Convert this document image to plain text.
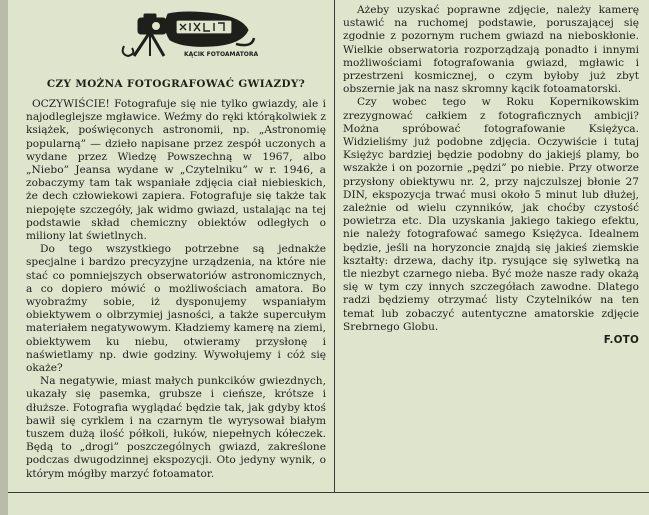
KĄCIK FOTOAMATORA
CZY MOŻNA FOTOGRAFOWAĆ GWIAZDY?

OCZYWIŚCIE! Fotografuje się nie tylko gwiazdy, ale i najodleglejsze mgławice. Weźmy do ręki którąkolwiek z książek, poświęconych astronomii, np. „Astronomię popularną” — dzieło napisane przez zespół uczonych a wydane przez Wiedzę Powszechną w 1967, albo „Niebo” Jeansa wydane w „Czytelniku” w r. 1946, a zobaczymy tam tak wspaniałe zdjęcia ciał niebieskich, że dech człowiekowi zapiera. Fotografuje się także tak niepojęte szczegóły, jak widmo gwiazd, ustalając na tej podstawie skład chemiczny obiektów odległych o miliony lat świetlnych.

Do tego wszystkiego potrzebne są jednakże specjalne i bardzo precyzyjne urządzenia, na które nie stać co pomniejszych obserwatoriów astronomicznych, a co dopiero mówić o możliwościach amatora. Bo wyobraźmy sobie, iż dysponujemy wspaniałym obiektywem o olbrzymiej jasności, a także supercułym materiałem negatywowym. Kładziemy kamerę na ziemi, obiektywem ku niebu, otwieramy przysłonę i naświetlamy np. dwie godziny. Wywołujemy i cóż się okaże?

Na negatywie, miast małych punkcików gwiezdnych, ukazały się pasemka, grubsze i cieńsze, krótsze i dłuższe. Fotografia wyglądać będzie tak, jak gdyby ktoś bawił się cyrklem i na czarnym tle wyrysował białym tuszem dużą ilość półkoli, łuków, niepełnych kółeczek. Będą to „drogi” poszczególnych gwiazd, zakreślone podczas dwugodzinnej ekspozycji. Oto jedyny wynik, o którym mógłby marzyć fotoamator.

Ażeby uzyskać poprawne zdjęcie, należy kamerę ustawić na ruchomej podstawie, poruszającej się zgodnie z pozornym ruchem gwiazd na nieboskłonie. Wielkie obserwatoria rozporządzają ponadto i innymi możliwościami fotografowania gwiazd, mgławic i przestrzeni kosmicznej, o czym byłoby już zbyt obszernie jak na nasz skromny kącik fotoamatorski.

Czy wobec tego w Roku Kopernikowskim zrezygnować całkiem z fotograficznych ambicji? Można spróbować fotografowanie Księżyca. Widzieliśmy już podobne zdjęcia. Oczywiście i tutaj Księżyc bardziej będzie podobny do jakiejś plamy, bo wszakże i on pozornie „pędzi” po niebie. Przy otworze przysłony obiektywu nr. 2, przy najczulszej błonie 27 DIN, ekspozycja trwać musi około 5 minut lub dłużej, zależnie od wielu czynników, jak choćby czystość powietrza etc. Dla uzyskania jakiego takiego efektu, nie należy fotografować samego Księżyca. Idealnem będzie, jeśli na horyzoncie znajdą się jakieś ziemskie kształty: drzewa, dachy itp. rysujące się sylwetką na tle niezbyt czarnego nieba. Być może nasze rady okażą się w tym czy innych szczegółach zawodne. Dlatego radzi będziemy otrzymać listy Czytelników na ten temat lub zobaczyć autentyczne amatorskie zdjęcie Srebrnego Globu.

F.OTO
